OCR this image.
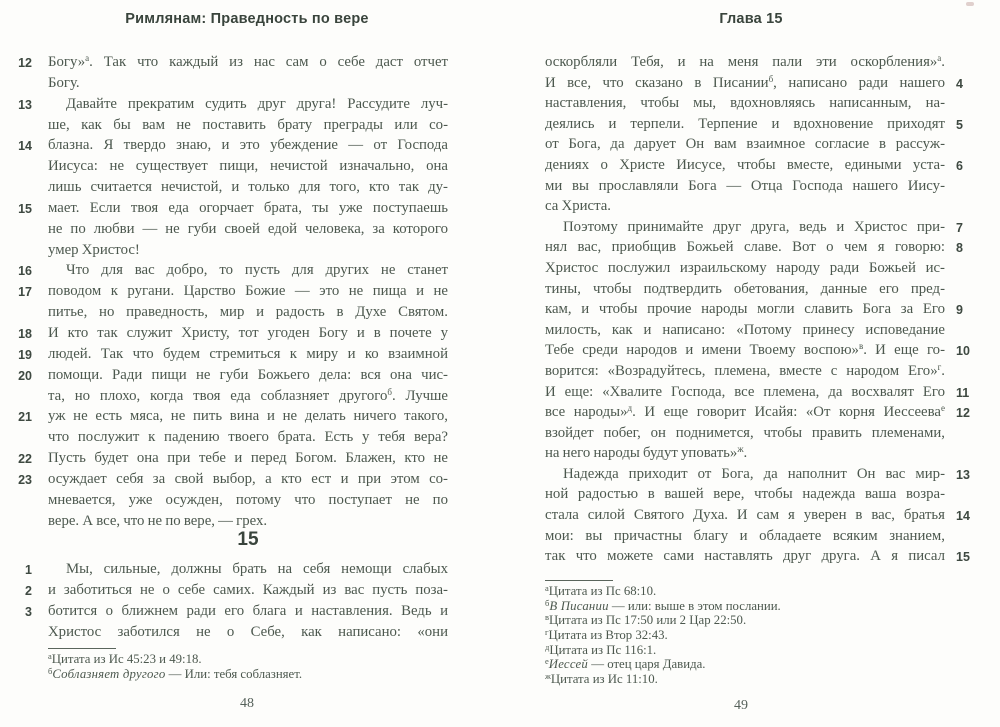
Римлянам: Праведность по вере
Богу»$^а$. Так что каждый из нас сам о себе даст отчет
12
Богу.
Давайте прекратим судить друг друга! Рассудите луч-
13
ше, как бы вам не поставить брату преграды или со-
блазна. Я твердо знаю, и это убеждение — от Господа
14
Иисуса: не существует пищи, нечистой изначально, она
лишь считается нечистой, и только для того, кто так ду-
мает. Если твоя еда огорчает брата, ты уже поступаешь
15
не по любви — не губи своей едой человека, за которого
умер Христос!
Что для вас добро, то пусть для других не станет
16
поводом к ругани. Царство Божие — это не пища и не
17
питье, но праведность, мир и радость в Духе Святом.
И кто так служит Христу, тот угоден Богу и в почете у
18
людей. Так что будем стремиться к миру и ко взаимной
19
помощи. Ради пищи не губи Божьего дела: вся она чис-
20
та, но плохо, когда твоя еда соблазняет другого$^б$. Лучше
уж не есть мяса, не пить вина и не делать ничего такого,
21
что послужит к падению твоего брата. Есть у тебя вера?
Пусть будет она при тебе и перед Богом. Блажен, кто не
22
осуждает себя за свой выбор, а кто ест и при этом со-
23
мневается, уже осужден, потому что поступает не по
вере. А все, что не по вере, — грех.
15
Мы, сильные, должны брать на себя немощи слабых
1
и заботиться не о себе самих. Каждый из вас пусть поза-
2
ботится о ближнем ради его блага и наставления. Ведь и
3
Христос заботился не о Себе, как написано: «они
$^а$Цитата из Ис 45:23 и 49:18.
$^б$Соблазняет другого — Или: тебя соблазняет.
48
Глава 15
оскорбляли Тебя, и на меня пали эти оскорбления»$^а$.
И все, что сказано в Писании$^б$, написано ради нашего 4
наставления, чтобы мы, вдохновляясь написанным, на-
деялись и терпели. Терпение и вдохновение приходят 5
от Бога, да дарует Он вам взаимное согласие в рассуж-
дениях о Христе Иисусе, чтобы вместе, едиными уста- 6
ми вы прославляли Бога — Отца Господа нашего Иису-
са Христа.
Поэтому принимайте друг друга, ведь и Христос при- 7
нял вас, приобщив Божьей славе. Вот о чем я говорю: 8
Христос послужил израильскому народу ради Божьей ис-
тины, чтобы подтвердить обетования, данные его пред-
кам, и чтобы прочие народы могли славить Бога за Его 9
милость, как и написано: «Потому принесу исповедание
Тебе среди народов и имени Твоему воспою»$^в$. И еще го- 10
ворится: «Возрадуйтесь, племена, вместе с народом Его»$^г$.
И еще: «Хвалите Господа, все племена, да восхвалят Его 11
все народы»$^д$. И еще говорит Исайя: «От корня Иессеева$^е$ 12
взойдет побег, он поднимется, чтобы править племенами,
на него народы будут уповать»$^ж$.
Надежда приходит от Бога, да наполнит Он вас мир- 13
ной радостью в вашей вере, чтобы надежда ваша возра-
стала силой Святого Духа. И сам я уверен в вас, братья 14
мои: вы причастны благу и обладаете всяким знанием,
так что можете сами наставлять друг друга. А я писал 15
$^а$Цитата из Пс 68:10.
$^б$В Писании — или: выше в этом послании.
$^в$Цитата из Пс 17:50 или 2 Цар 22:50.
$^г$Цитата из Втор 32:43.
$^д$Цитата из Пс 116:1.
$^е$Иессей — отец царя Давида.
$^ж$Цитата из Ис 11:10.
49
